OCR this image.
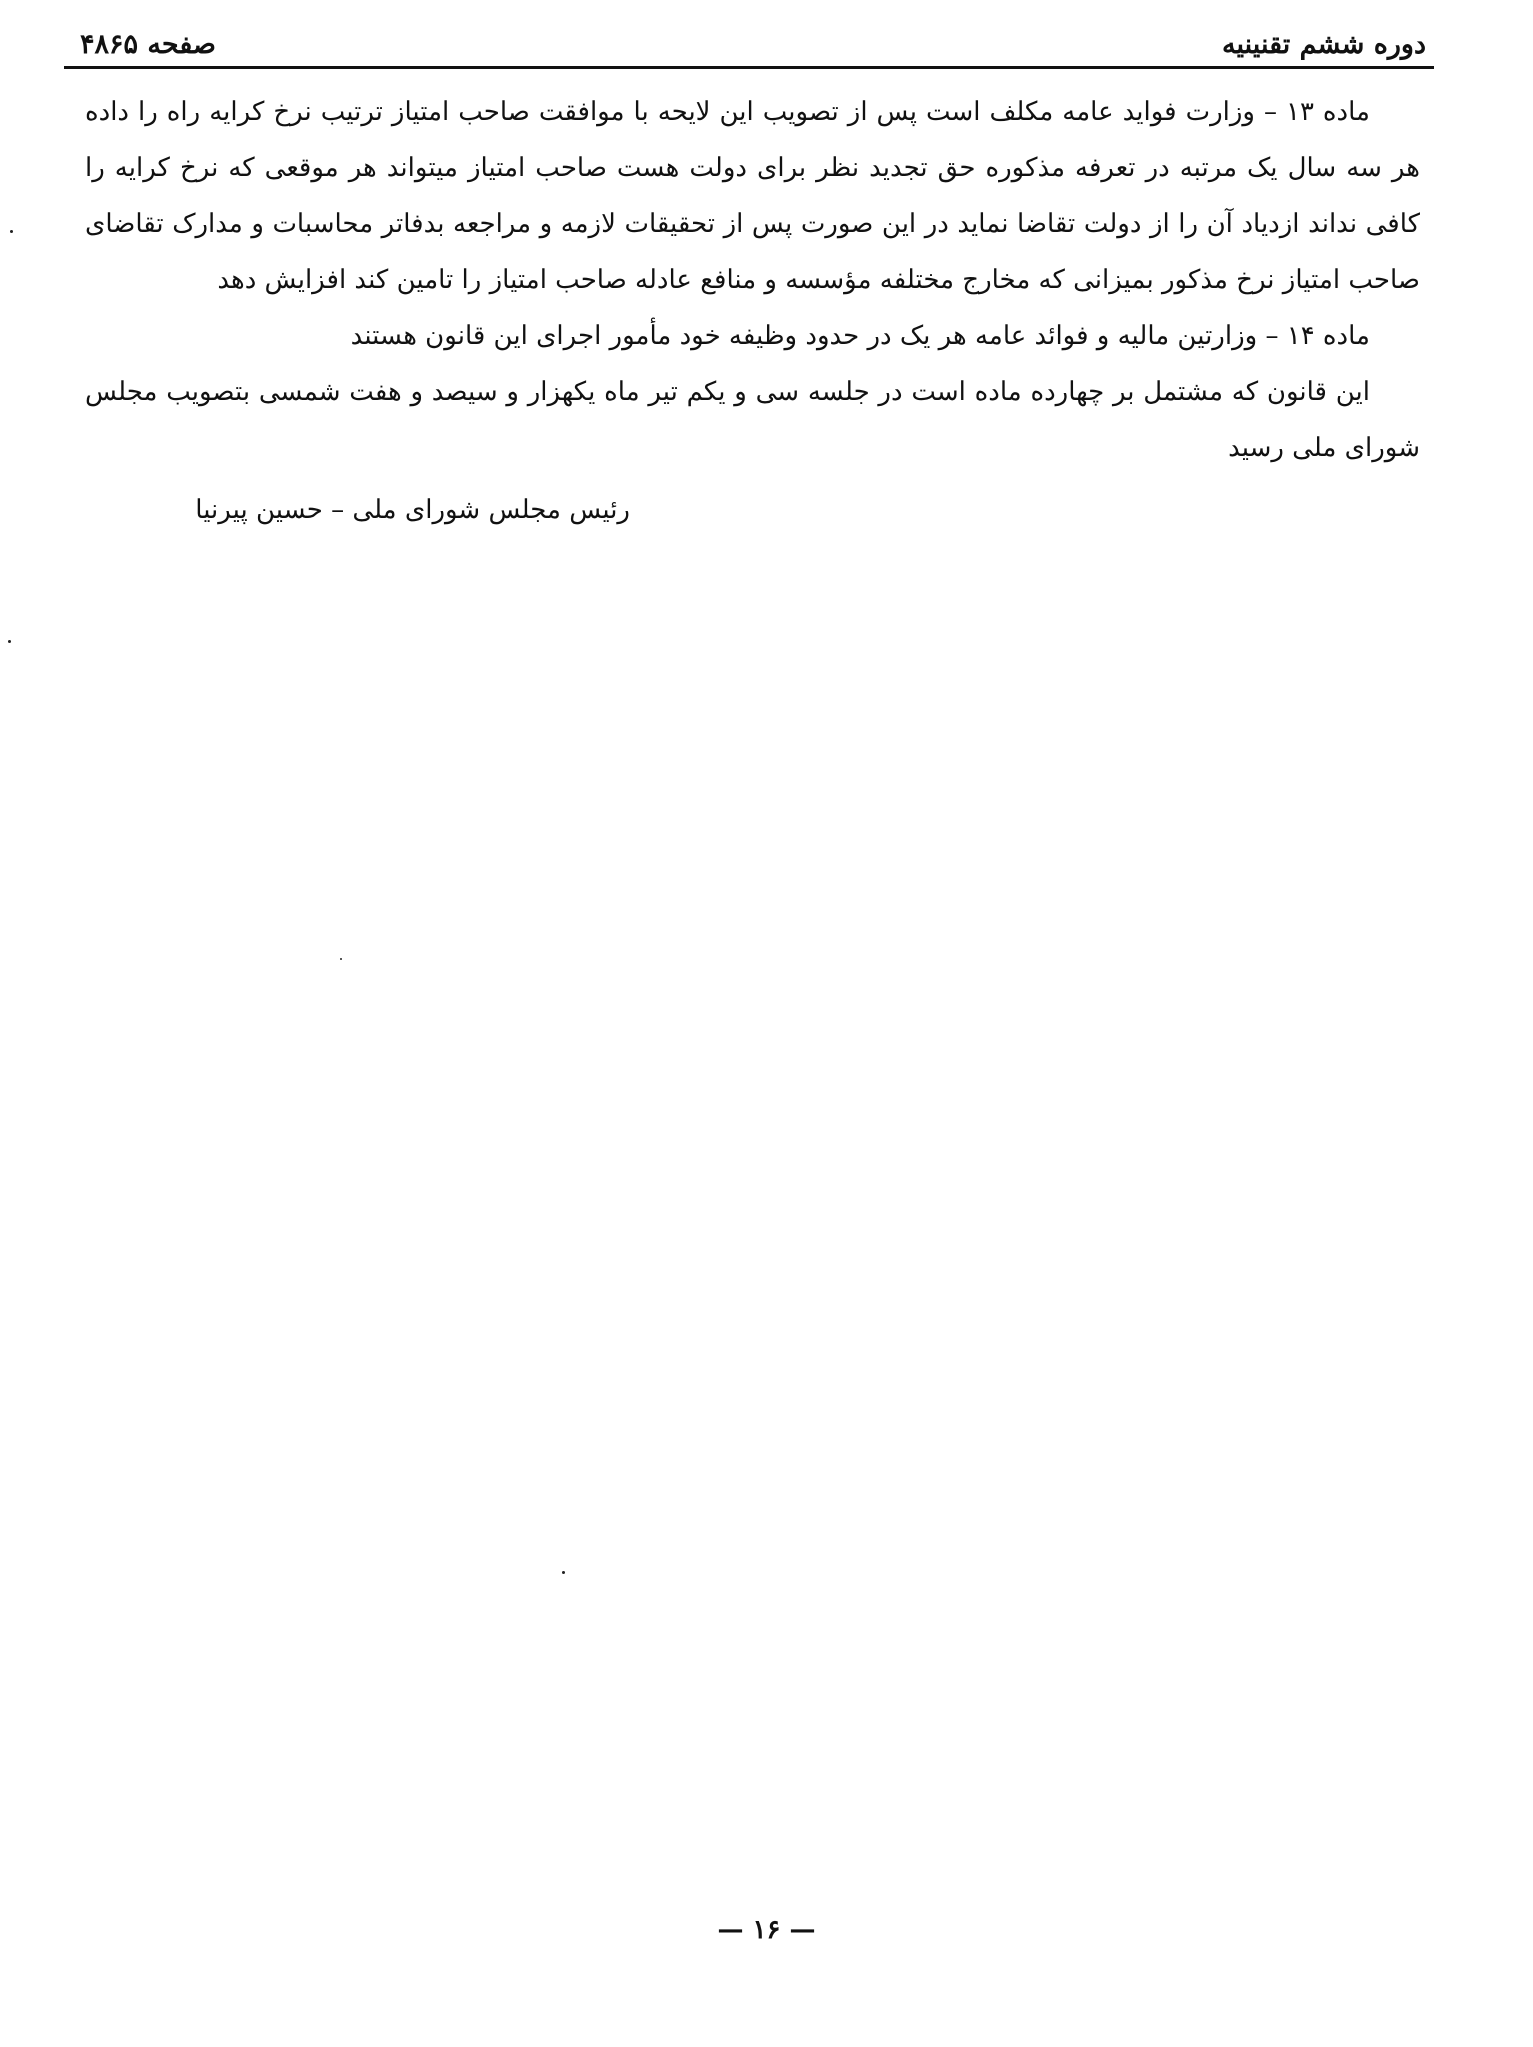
دوره ششم تقنینیه
صفحه ۴۸۶۵

ماده ۱۳ – وزارت فواید عامه مکلف است پس از تصویب این لایحه با موافقت صاحب امتیاز ترتیب نرخ کرایه راه را داده هر سه سال یک مرتبه در تعرفه مذکوره حق تجدید نظر برای دولت هست صاحب امتیاز میتواند هر موقعی که نرخ کرایه را کافی نداند ازدیاد آن را از دولت تقاضا نماید در این صورت پس از تحقیقات لازمه و مراجعه بدفاتر محاسبات و مدارک تقاضای صاحب امتیاز نرخ مذکور بمیزانی که مخارج مختلفه مؤسسه و منافع عادله صاحب امتیاز را تامین کند افزایش دهد

ماده ۱۴ – وزارتین مالیه و فوائد عامه هر یک در حدود وظیفه خود مأمور اجرای این قانون هستند

این قانون که مشتمل بر چهارده ماده است در جلسه سی و یکم تیر ماه یکهزار و سیصد و هفت شمسی بتصویب مجلس شورای ملی رسید

رئیس مجلس شورای ملی – حسین پیرنیا
— ۱۶ —
